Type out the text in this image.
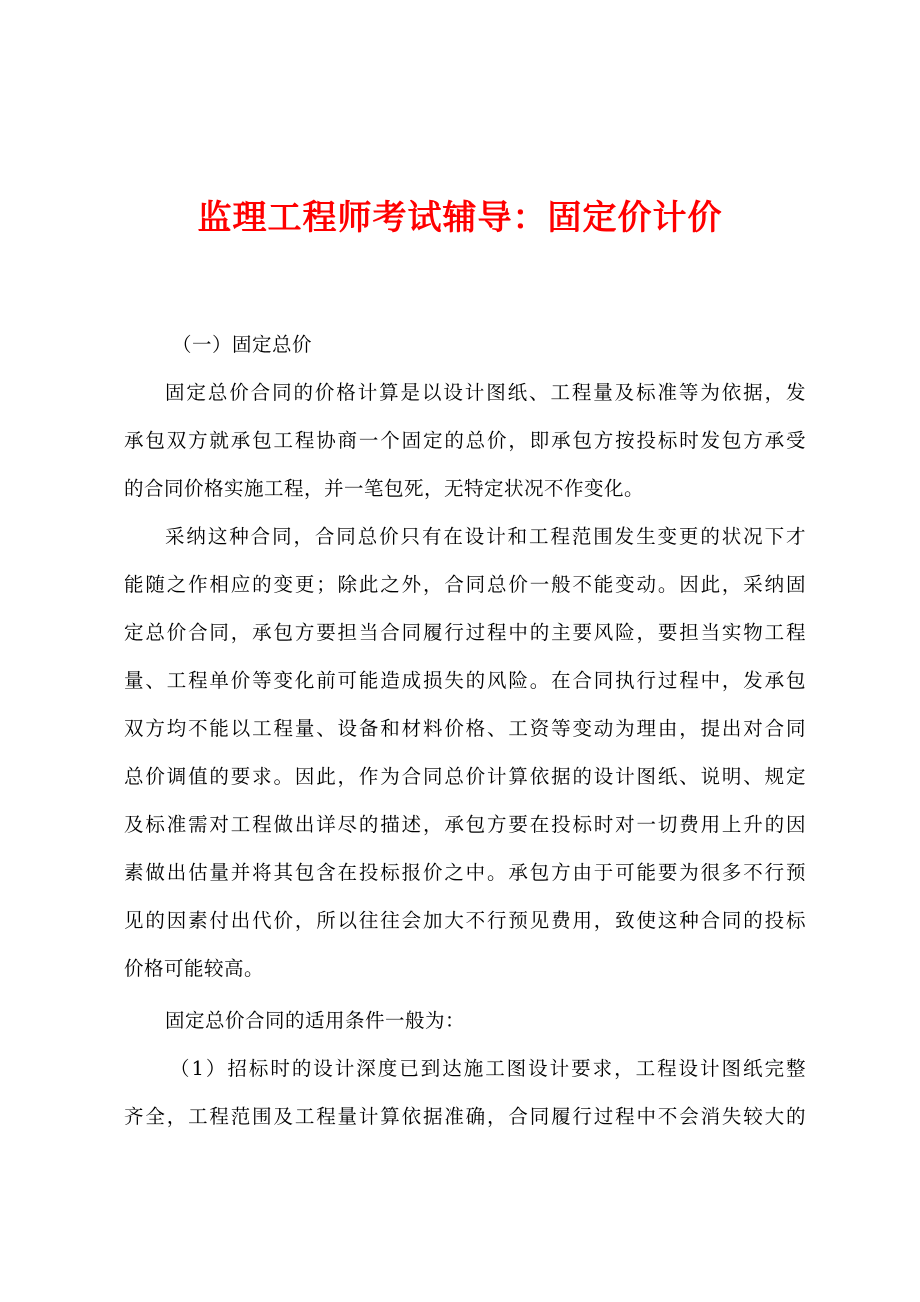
监理工程师考试辅导：固定价计价
（一）固定总价
固定总价合同的价格计算是以设计图纸、工程量及标准等为依据，发
承包双方就承包工程协商一个固定的总价，即承包方按投标时发包方承受
的合同价格实施工程，并一笔包死，无特定状况不作变化。
采纳这种合同，合同总价只有在设计和工程范围发生变更的状况下才
能随之作相应的变更；除此之外，合同总价一般不能变动。因此，采纳固
定总价合同，承包方要担当合同履行过程中的主要风险，要担当实物工程
量、工程单价等变化前可能造成损失的风险。在合同执行过程中，发承包
双方均不能以工程量、设备和材料价格、工资等变动为理由，提出对合同
总价调值的要求。因此，作为合同总价计算依据的设计图纸、说明、规定
及标准需对工程做出详尽的描述，承包方要在投标时对一切费用上升的因
素做出估量并将其包含在投标报价之中。承包方由于可能要为很多不行预
见的因素付出代价，所以往往会加大不行预见费用，致使这种合同的投标
价格可能较高。
固定总价合同的适用条件一般为：
（1）招标时的设计深度已到达施工图设计要求，工程设计图纸完整
齐全，工程范围及工程量计算依据准确，合同履行过程中不会消失较大的
